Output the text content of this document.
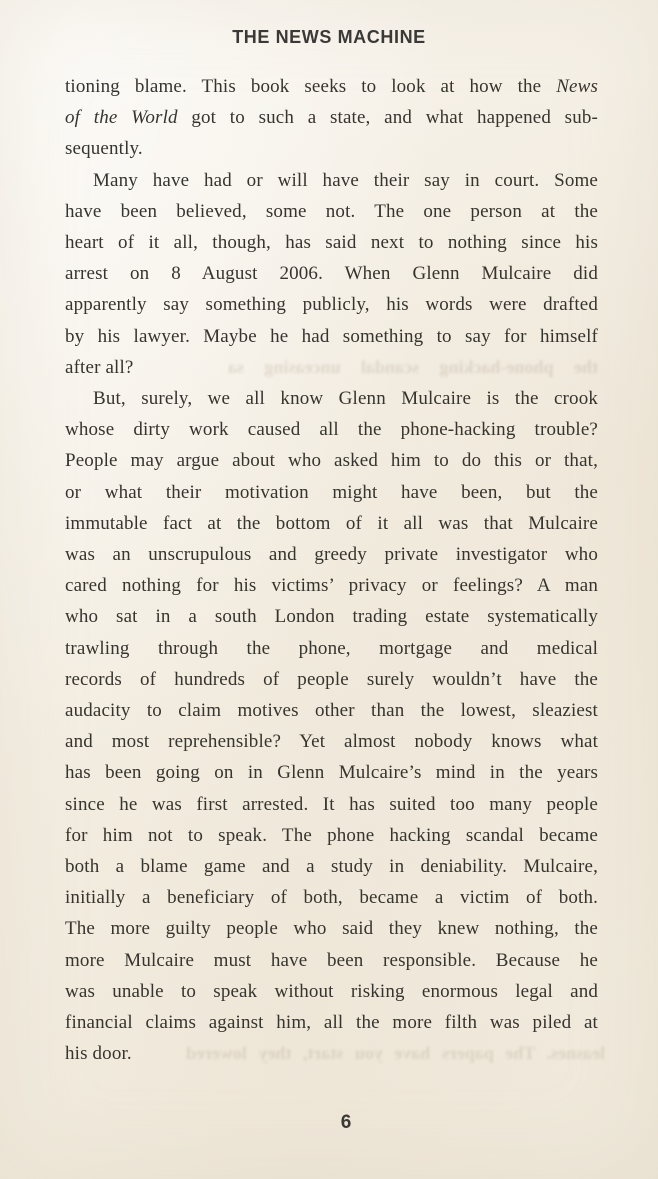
THE NEWS MACHINE
the phone-hacking scandal unceasing sa
tioning blame. This book seeks to look at how the News
of the World got to such a state, and what happened sub-
sequently.
Many have had or will have their say in court. Some
have been believed, some not. The one person at the
heart of it all, though, has said next to nothing since his
arrest on 8 August 2006. When Glenn Mulcaire did
apparently say something publicly, his words were drafted
by his lawyer. Maybe he had something to say for himself
after all?
But, surely, we all know Glenn Mulcaire is the crook
whose dirty work caused all the phone-hacking trouble?
People may argue about who asked him to do this or that,
or what their motivation might have been, but the
immutable fact at the bottom of it all was that Mulcaire
was an unscrupulous and greedy private investigator who
cared nothing for his victims’ privacy or feelings? A man
who sat in a south London trading estate systematically
trawling through the phone, mortgage and medical
records of hundreds of people surely wouldn’t have the
audacity to claim motives other than the lowest, sleaziest
and most reprehensible? Yet almost nobody knows what
has been going on in Glenn Mulcaire’s mind in the years
since he was first arrested. It has suited too many people
for him not to speak. The phone hacking scandal became
both a blame game and a study in deniability. Mulcaire,
initially a beneficiary of both, became a victim of both.
The more guilty people who said they knew nothing, the
more Mulcaire must have been responsible. Because he
was unable to speak without risking enormous legal and
financial claims against him, all the more filth was piled at
his door.	leasnes. The papers have you start, they lowered
6
